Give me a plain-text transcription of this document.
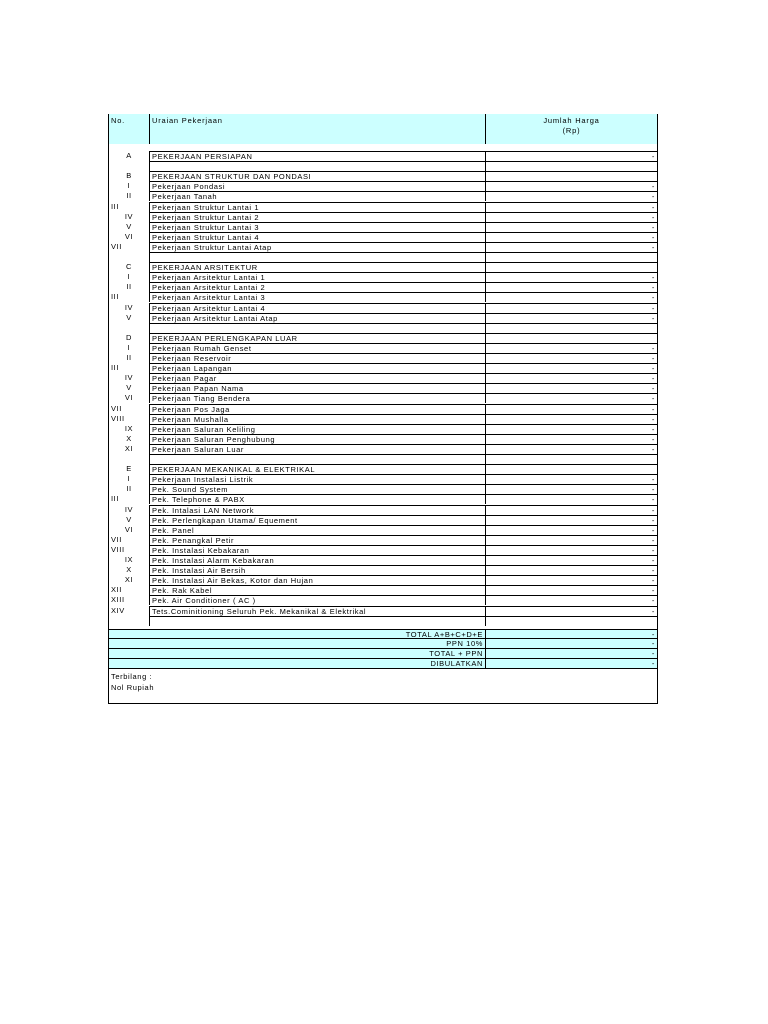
No.	Uraian Pekerjaan	Jumlah Harga
(Rp)
A	PEKERJAAN PERSIAPAN	-
B	PEKERJAAN STRUKTUR DAN PONDASI
I	Pekerjaan Pondasi	-
II	Pekerjaan Tanah	-
III	Pekerjaan Struktur Lantai 1	-
IV	Pekerjaan Struktur Lantai 2	-
V	Pekerjaan Struktur Lantai 3	-
VI	Pekerjaan Struktur Lantai 4	-
VII	Pekerjaan Struktur Lantai Atap	-
C	PEKERJAAN ARSITEKTUR
I	Pekerjaan Arsitektur Lantai 1	-
II	Pekerjaan Arsitektur Lantai 2	-
III	Pekerjaan Arsitektur Lantai 3	-
IV	Pekerjaan Arsitektur Lantai 4	-
V	Pekerjaan Arsitektur Lantai Atap	-
D	PEKERJAAN PERLENGKAPAN LUAR
I	Pekerjaan Rumah Genset	-
II	Pekerjaan Reservoir	-
III	Pekerjaan Lapangan	-
IV	Pekerjaan Pagar	-
V	Pekerjaan Papan Nama	-
VI	Pekerjaan Tiang Bendera	-
VII	Pekerjaan Pos Jaga	-
VIII	Pekerjaan Mushalla	-
IX	Pekerjaan Saluran Keliling	-
X	Pekerjaan Saluran Penghubung	-
XI	Pekerjaan Saluran Luar	-
E	PEKERJAAN MEKANIKAL & ELEKTRIKAL
I	Pekerjaan Instalasi Listrik	-
II	Pek. Sound System	-
III	Pek. Telephone & PABX	-
IV	Pek. Intalasi LAN Network	-
V	Pek. Perlengkapan Utama/ Equement	-
VI	Pek. Panel	-
VII	Pek. Penangkal Petir	-
VIII	Pek. Instalasi Kebakaran	-
IX	Pek. Instalasi Alarm Kebakaran	-
X	Pek. Instalasi Air Bersih	-
XI	Pek. Instalasi Air Bekas, Kotor dan Hujan	-
XII	Pek. Rak Kabel	-
XIII	Pek. Air Conditioner ( AC )	-
XIV	Tets.Cominitioning Seluruh Pek. Mekanikal & Elektrikal	-
TOTAL A+B+C+D+E	-
PPN 10%	-
TOTAL + PPN	-
DIBULATKAN	-
Terbilang :
Nol Rupiah
